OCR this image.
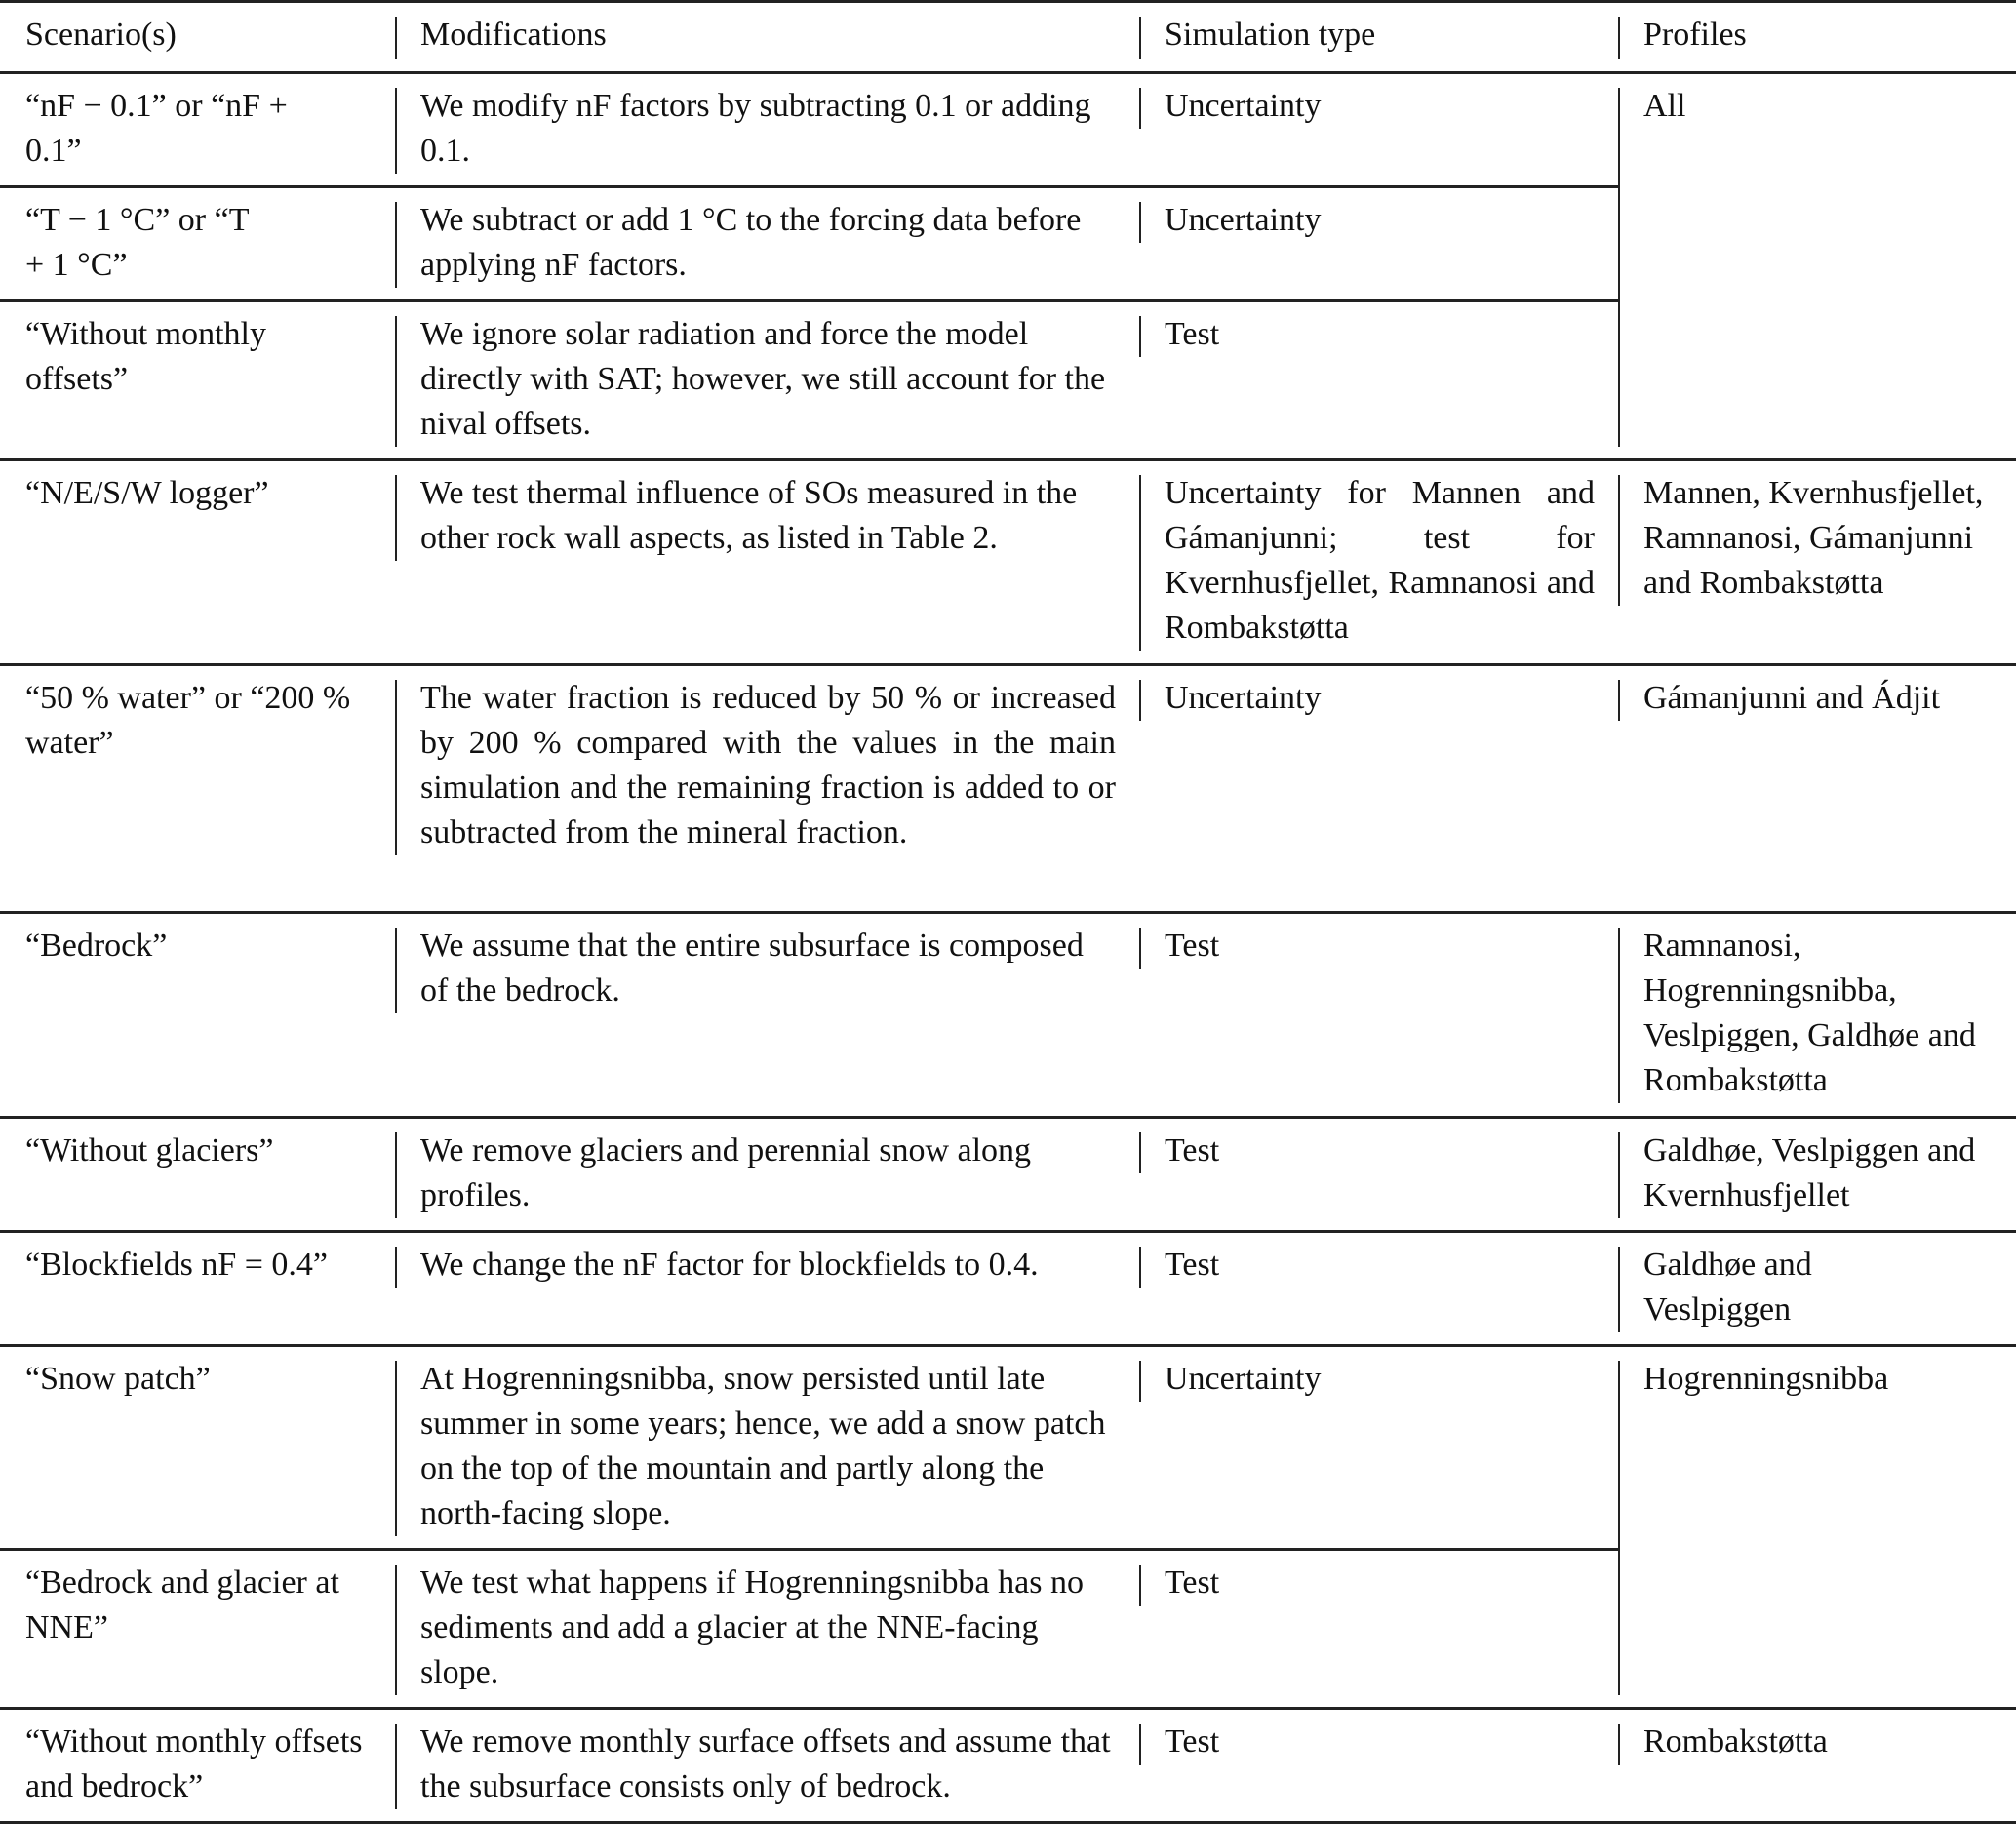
Scenario(s)	Modifications	Simulation type	Profiles

“nF − 0.1” or “nF + 0.1”	We modify nF factors by subtracting 0.1 or adding 0.1.	Uncertainty	All

“T − 1 °C” or “T + 1 °C”	We subtract or add 1 °C to the forcing data before applying nF factors.	Uncertainty	

“Without monthly offsets”	We ignore solar radiation and force the model directly with SAT; however, we still account for the nival offsets.	Test	

“N/E/S/W logger”	We test thermal influence of SOs measured in the other rock wall aspects, as listed in Table 2.	Uncertainty for Mannen and Gámanjunni; test for Kvernhusfjellet, Ramnanosi and Rombakstøtta	Mannen, Kvernhusfjellet, Ramnanosi, Gámanjunni and Rombakstøtta

“50 % water” or “200 % water”	The water fraction is reduced by 50 % or increased by 200 % compared with the values in the main simulation and the remaining fraction is added to or subtracted from the mineral fraction.	Uncertainty	Gámanjunni and Ádjit

“Bedrock”	We assume that the entire subsurface is composed of the bedrock.	Test	Ramnanosi, Hogrenningsnibba, Veslpiggen, Galdhøe and Rombakstøtta

“Without glaciers”	We remove glaciers and perennial snow along profiles.	Test	Galdhøe, Veslpiggen and Kvernhusfjellet

“Blockfields nF = 0.4”	We change the nF factor for blockfields to 0.4.	Test	Galdhøe and Veslpiggen

“Snow patch”	At Hogrenningsnibba, snow persisted until late summer in some years; hence, we add a snow patch on the top of the mountain and partly along the north-facing slope.	Uncertainty	Hogrenningsnibba

“Bedrock and glacier at NNE”	We test what happens if Hogrenningsnibba has no sediments and add a glacier at the NNE-facing slope.	Test	

“Without monthly offsets and bedrock”	We remove monthly surface offsets and assume that the subsurface consists only of bedrock.	Test	Rombakstøtta
